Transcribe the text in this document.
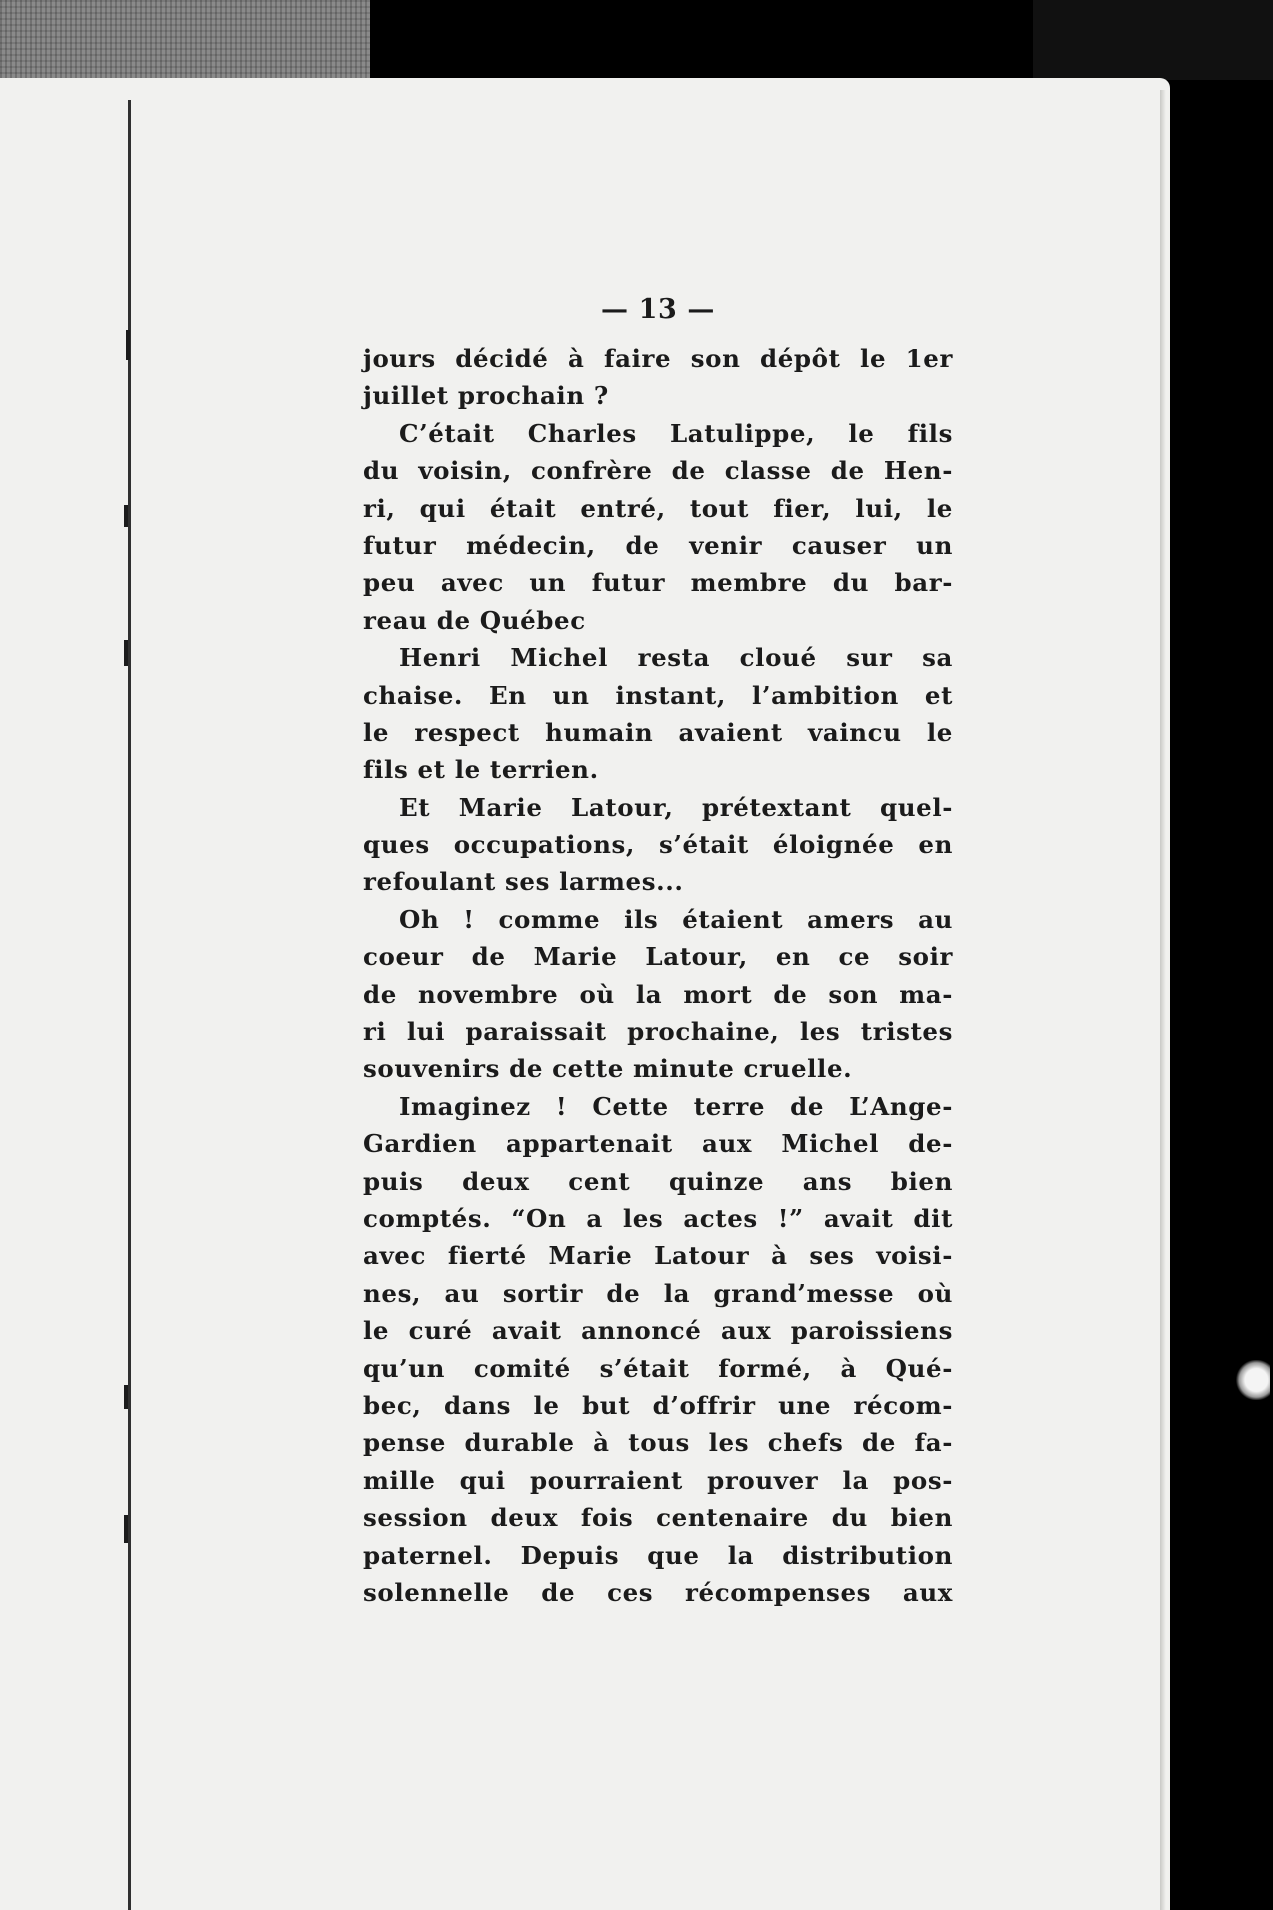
— 13 —
jours décidé à faire son dépôt le 1er
juillet prochain ?
C’était Charles Latulippe, le fils
du voisin, confrère de classe de Hen-
ri, qui était entré, tout fier, lui, le
futur médecin, de venir causer un
peu avec un futur membre du bar-
reau de Québec
Henri Michel resta cloué sur sa
chaise. En un instant, l’ambition et
le respect humain avaient vaincu le
fils et le terrien.
Et Marie Latour, prétextant quel-
ques occupations, s’était éloignée en
refoulant ses larmes...
Oh ! comme ils étaient amers au
coeur de Marie Latour, en ce soir
de novembre où la mort de son ma-
ri lui paraissait prochaine, les tristes
souvenirs de cette minute cruelle.
Imaginez ! Cette terre de L’Ange-
Gardien appartenait aux Michel de-
puis deux cent quinze ans bien
comptés. “On a les actes !” avait dit
avec fierté Marie Latour à ses voisi-
nes, au sortir de la grand’messe où
le curé avait annoncé aux paroissiens
qu’un comité s’était formé, à Qué-
bec, dans le but d’offrir une récom-
pense durable à tous les chefs de fa-
mille qui pourraient prouver la pos-
session deux fois centenaire du bien
paternel. Depuis que la distribution
solennelle de ces récompenses aux
